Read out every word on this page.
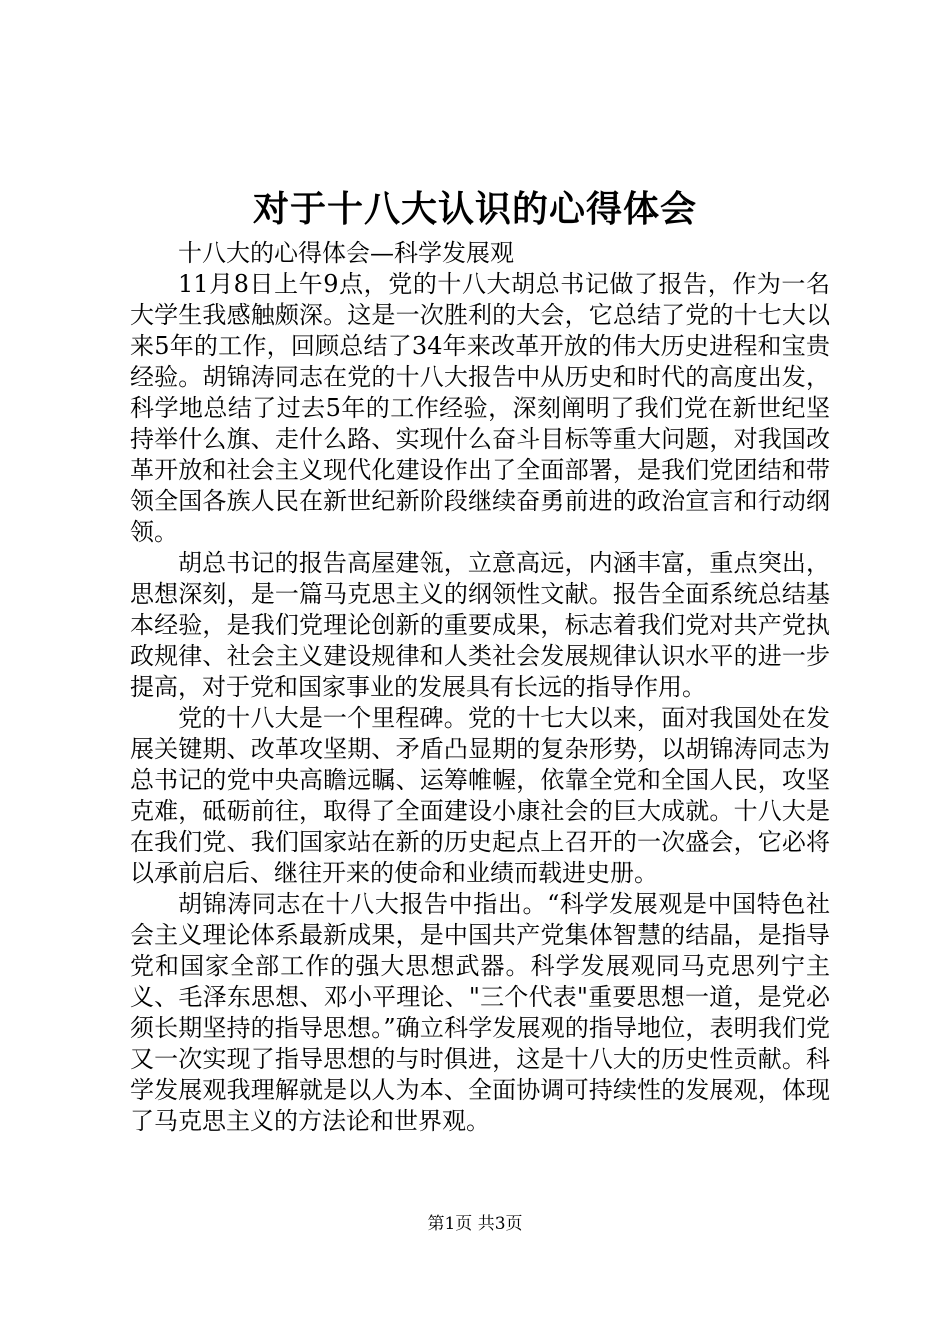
对于十八大认识的心得体会

十八大的心得体会—科学发展观

11月8日上午9点，党的十八大胡总书记做了报告，作为一名大学生我感触颇深。这是一次胜利的大会，它总结了党的十七大以来5年的工作，回顾总结了34年来改革开放的伟大历史进程和宝贵经验。胡锦涛同志在党的十八大报告中从历史和时代的高度出发，科学地总结了过去5年的工作经验，深刻阐明了我们党在新世纪坚持举什么旗、走什么路、实现什么奋斗目标等重大问题，对我国改革开放和社会主义现代化建设作出了全面部署，是我们党团结和带领全国各族人民在新世纪新阶段继续奋勇前进的政治宣言和行动纲领。

胡总书记的报告高屋建瓴，立意高远，内涵丰富，重点突出，思想深刻，是一篇马克思主义的纲领性文献。报告全面系统总结基本经验，是我们党理论创新的重要成果，标志着我们党对共产党执政规律、社会主义建设规律和人类社会发展规律认识水平的进一步提高，对于党和国家事业的发展具有长远的指导作用。

党的十八大是一个里程碑。党的十七大以来，面对我国处在发展关键期、改革攻坚期、矛盾凸显期的复杂形势，以胡锦涛同志为总书记的党中央高瞻远瞩、运筹帷幄，依靠全党和全国人民，攻坚克难，砥砺前往，取得了全面建设小康社会的巨大成就。十八大是在我们党、我们国家站在新的历史起点上召开的一次盛会，它必将以承前启后、继往开来的使命和业绩而载进史册。

胡锦涛同志在十八大报告中指出。“科学发展观是中国特色社会主义理论体系最新成果，是中国共产党集体智慧的结晶，是指导党和国家全部工作的强大思想武器。科学发展观同马克思列宁主义、毛泽东思想、邓小平理论、"三个代表"重要思想一道，是党必须长期坚持的指导思想。”确立科学发展观的指导地位，表明我们党又一次实现了指导思想的与时俱进，这是十八大的历史性贡献。科学发展观我理解就是以人为本、全面协调可持续性的发展观，体现了马克思主义的方法论和世界观。

第1页 共3页
